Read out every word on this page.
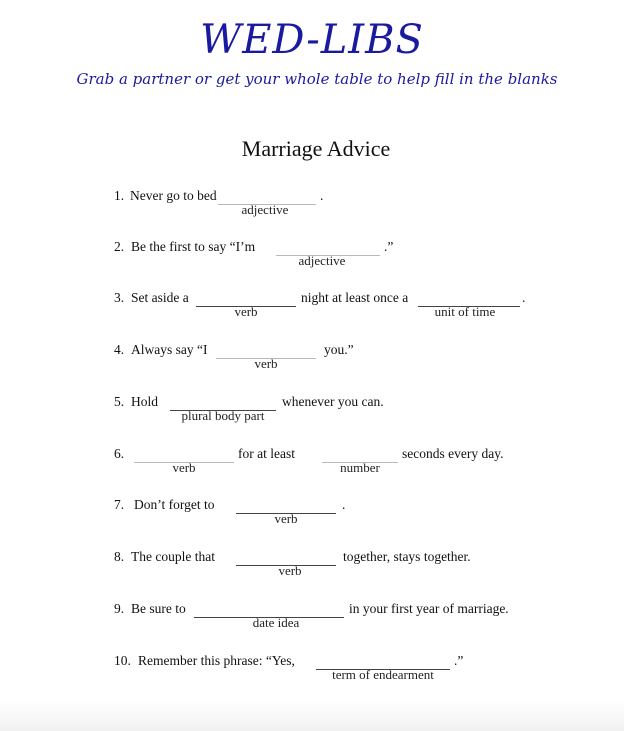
WED-LIBS
Grab a partner or get your whole table to help fill in the blanks
Marriage Advice
1. Never go to bed
adjective
.
2. Be the first to say “I’m
adjective
.”
3. Set aside a
verb
night at least once a
unit of time
.
4. Always say “I
verb
you.”
5. Hold
plural body part
whenever you can.
6.
verb
for at least
number
seconds every day.
7. Don’t forget to
verb
.
8. The couple that
verb
together, stays together.
9. Be sure to
date idea
in your first year of marriage.
10. Remember this phrase: “Yes,
term of endearment
.”
